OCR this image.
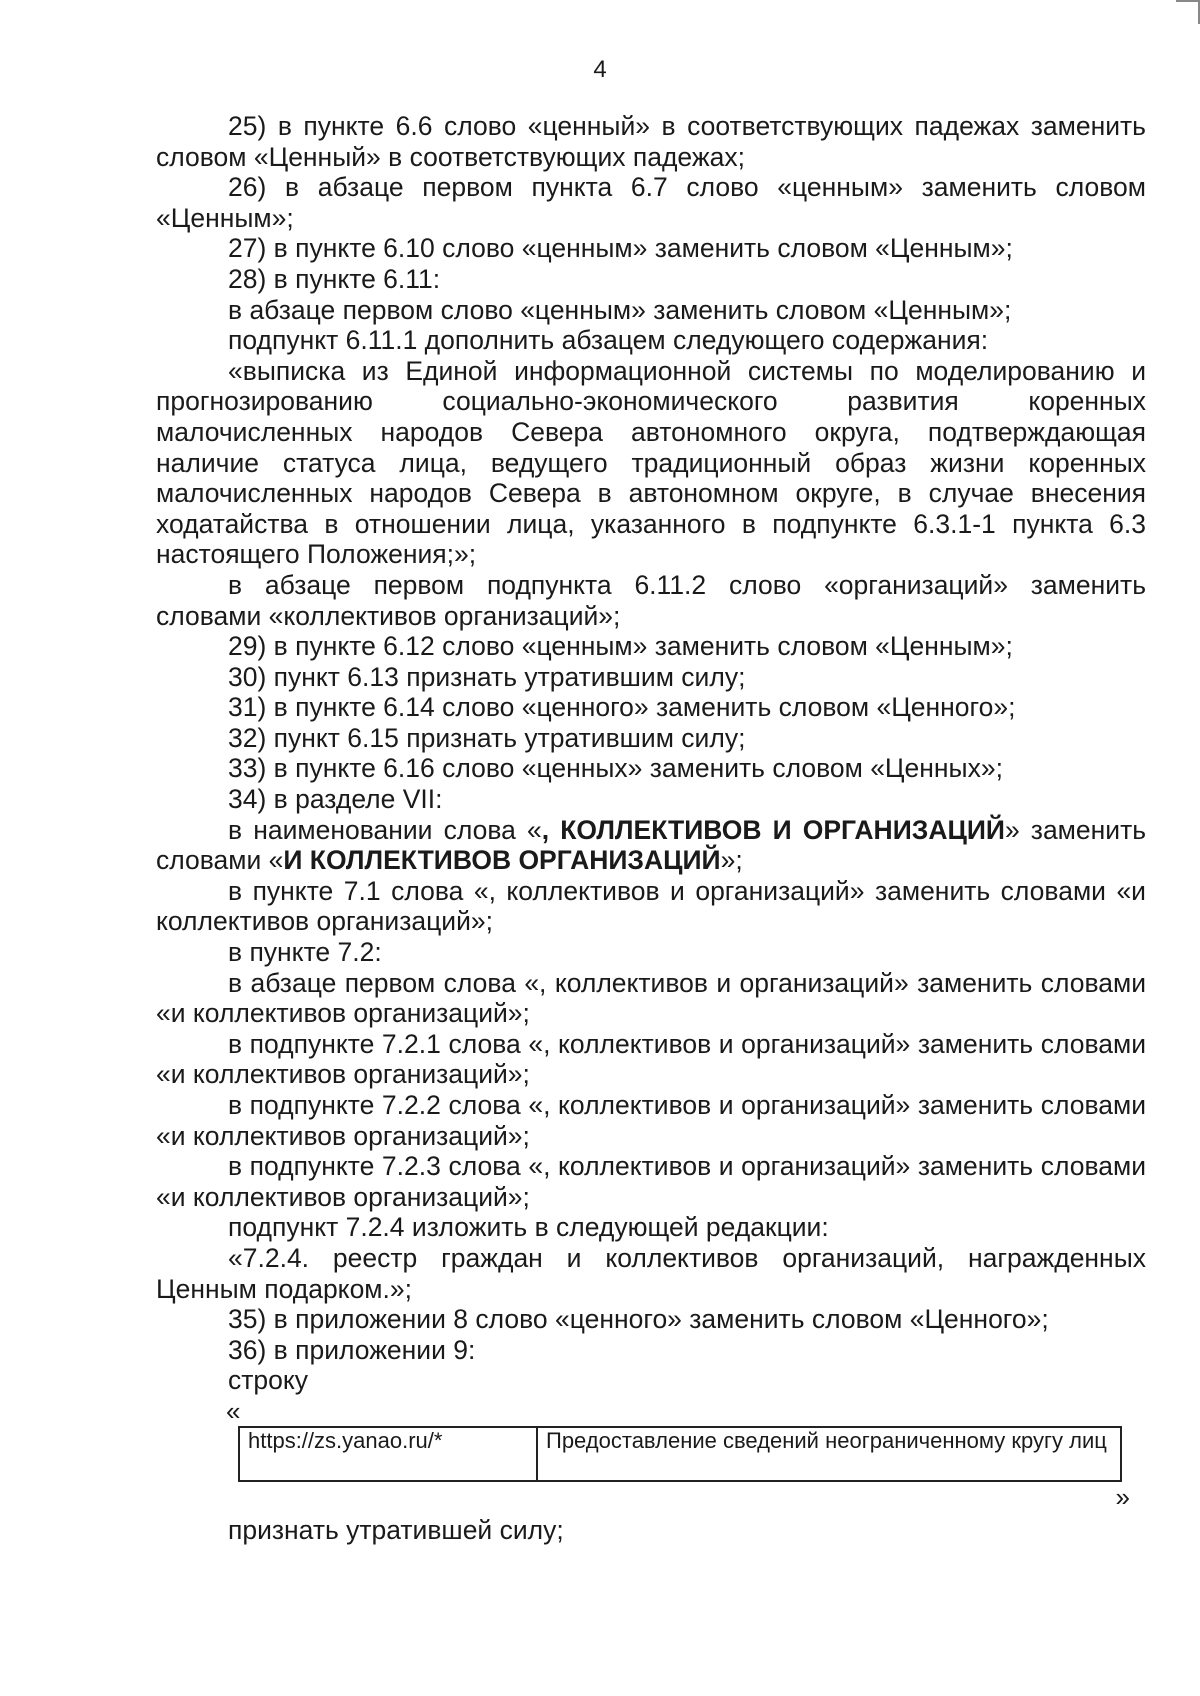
4

25) в пункте 6.6 слово «ценный» в соответствующих падежах заменить словом «Ценный» в соответствующих падежах;

26) в абзаце первом пункта 6.7 слово «ценным» заменить словом «Ценным»;

27) в пункте 6.10 слово «ценным» заменить словом «Ценным»;

28) в пункте 6.11:

в абзаце первом слово «ценным» заменить словом «Ценным»;

подпункт 6.11.1 дополнить абзацем следующего содержания:

«выписка из Единой информационной системы по моделированию и прогнозированию социально-экономического развития коренных малочисленных народов Севера автономного округа, подтверждающая наличие статуса лица, ведущего традиционный образ жизни коренных малочисленных народов Севера в автономном округе, в случае внесения ходатайства в отношении лица, указанного в подпункте 6.3.1-1 пункта 6.3 настоящего Положения;»;

в абзаце первом подпункта 6.11.2 слово «организаций» заменить словами «коллективов организаций»;

29) в пункте 6.12 слово «ценным» заменить словом «Ценным»;

30) пункт 6.13 признать утратившим силу;

31) в пункте 6.14 слово «ценного» заменить словом «Ценного»;

32) пункт 6.15 признать утратившим силу;

33) в пункте 6.16 слово «ценных» заменить словом «Ценных»;

34) в разделе VII:

в наименовании слова «, КОЛЛЕКТИВОВ И ОРГАНИЗАЦИЙ» заменить словами «И КОЛЛЕКТИВОВ ОРГАНИЗАЦИЙ»;

в пункте 7.1 слова «, коллективов и организаций» заменить словами «и коллективов организаций»;

в пункте 7.2:

в абзаце первом слова «, коллективов и организаций» заменить словами «и коллективов организаций»;

в подпункте 7.2.1 слова «, коллективов и организаций» заменить словами «и коллективов организаций»;

в подпункте 7.2.2 слова «, коллективов и организаций» заменить словами «и коллективов организаций»;

в подпункте 7.2.3 слова «, коллективов и организаций» заменить словами «и коллективов организаций»;

подпункт 7.2.4 изложить в следующей редакции:

«7.2.4. реестр граждан и коллективов организаций, награжденных Ценным подарком.»;

35) в приложении 8 слово «ценного» заменить словом «Ценного»;

36) в приложении 9:

строку

«
https://zs.yanao.ru/*	Предоставление сведений неограниченному кругу лиц
»

признать утратившей силу;
